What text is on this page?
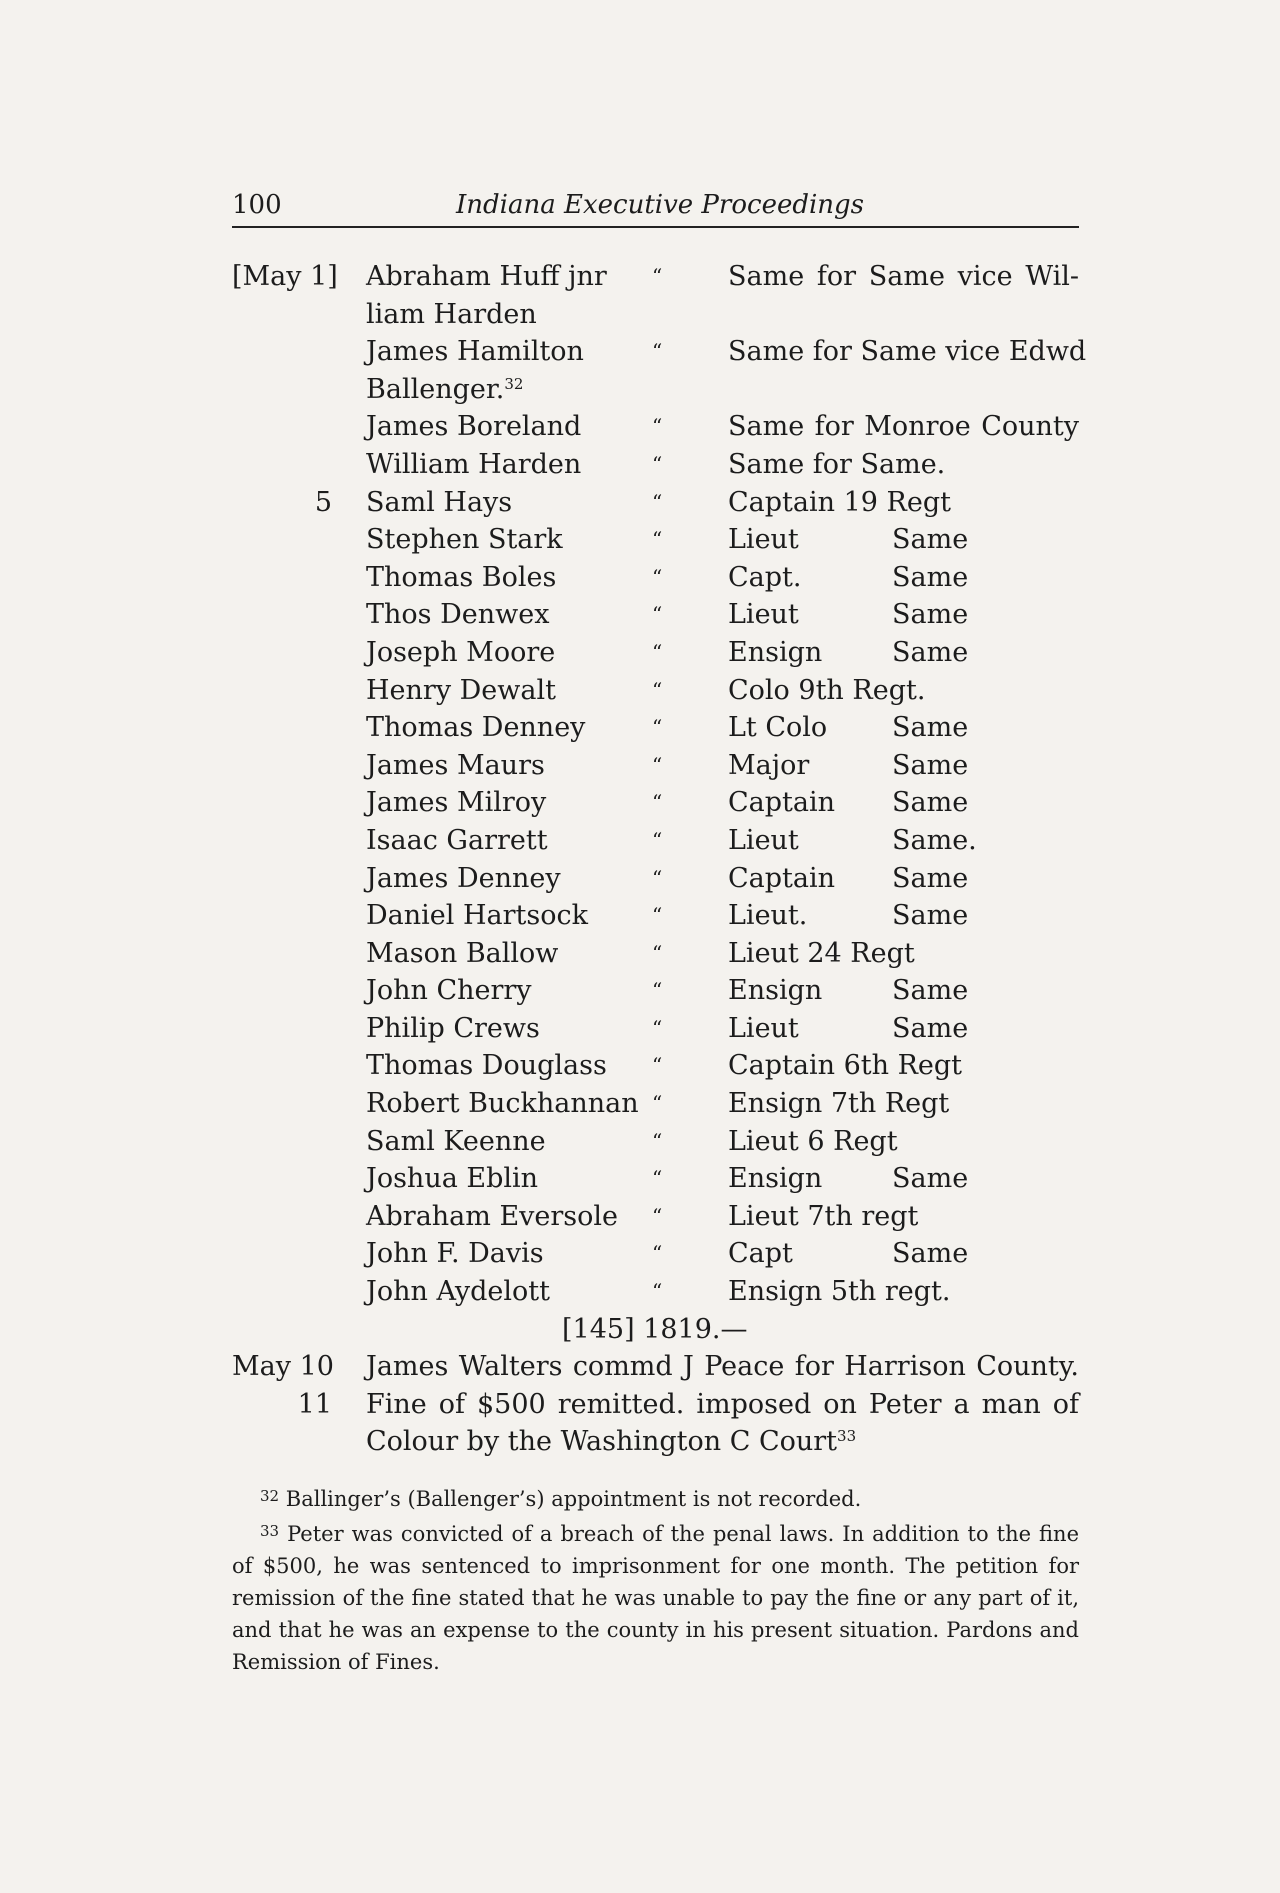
100	Indiana Executive Proceedings
[May 1] Abraham Huff jnr “ Same for Same vice Wil-
liam Harden
James Hamilton	“ Same for Same vice Edwd
Ballenger.$^{32}$
James Boreland	“ Same for Monroe County
William Harden	“ Same for Same.
5 Saml Hays	“ Captain 19 Regt
Stephen Stark	“ Lieut	Same
Thomas Boles	“ Capt.	Same
Thos Denwex	“ Lieut	Same
Joseph Moore	“ Ensign	Same
Henry Dewalt	“ Colo 9th Regt.
Thomas Denney	“ Lt Colo Same
James Maurs	“ Major	Same
James Milroy	“ Captain Same
Isaac Garrett	“ Lieut	Same.
James Denney	“ Captain Same
Daniel Hartsock	“ Lieut.	Same
Mason Ballow	“ Lieut 24 Regt
John Cherry	“ Ensign	Same
Philip Crews	“ Lieut	Same
Thomas Douglass “ Captain 6th Regt
Robert Buckhannan “ Ensign 7th Regt
Saml Keenne	“ Lieut 6 Regt
Joshua Eblin	“ Ensign	Same
Abraham Eversole “ Lieut 7th regt
John F. Davis	“ Capt	Same
John Aydelott	“ Ensign 5th regt.
[145] 1819.—
May 10 James Walters commd J Peace for Harrison County.
11 Fine of $500 remitted. imposed on Peter a man of
Colour by the Washington C Court$^{33}$

$^{32}$ Ballinger’s (Ballenger’s) appointment is not recorded.

$^{33}$ Peter was convicted of a breach of the penal laws. In addition to the fine of $500, he was sentenced to imprisonment for one month. The petition for remission of the fine stated that he was unable to pay the fine or any part of it, and that he was an expense to the county in his present situation. Pardons and Remission of Fines.
